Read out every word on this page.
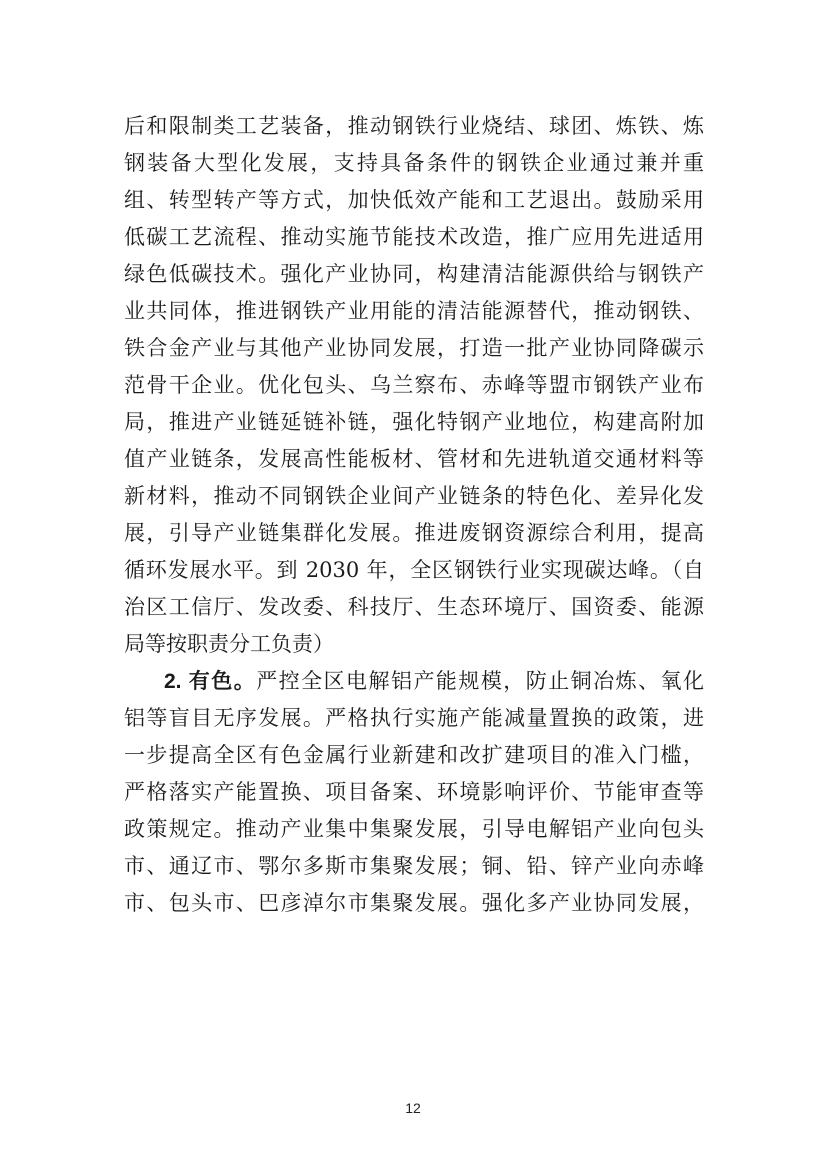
后和限制类工艺装备，推动钢铁行业烧结、球团、炼铁、炼
钢装备大型化发展，支持具备条件的钢铁企业通过兼并重
组、转型转产等方式，加快低效产能和工艺退出。鼓励采用
低碳工艺流程、推动实施节能技术改造，推广应用先进适用
绿色低碳技术。强化产业协同，构建清洁能源供给与钢铁产
业共同体，推进钢铁产业用能的清洁能源替代，推动钢铁、
铁合金产业与其他产业协同发展，打造一批产业协同降碳示
范骨干企业。优化包头、乌兰察布、赤峰等盟市钢铁产业布
局，推进产业链延链补链，强化特钢产业地位，构建高附加
值产业链条，发展高性能板材、管材和先进轨道交通材料等
新材料，推动不同钢铁企业间产业链条的特色化、差异化发
展，引导产业链集群化发展。推进废钢资源综合利用，提高
循环发展水平。到 2030 年，全区钢铁行业实现碳达峰。（自
治区工信厅、发改委、科技厅、生态环境厅、国资委、能源
局等按职责分工负责）
2. 有色。严控全区电解铝产能规模，防止铜冶炼、氧化
铝等盲目无序发展。严格执行实施产能减量置换的政策，进
一步提高全区有色金属行业新建和改扩建项目的准入门槛，
严格落实产能置换、项目备案、环境影响评价、节能审查等
政策规定。推动产业集中集聚发展，引导电解铝产业向包头
市、通辽市、鄂尔多斯市集聚发展；铜、铅、锌产业向赤峰
市、包头市、巴彦淖尔市集聚发展。强化多产业协同发展，
12
